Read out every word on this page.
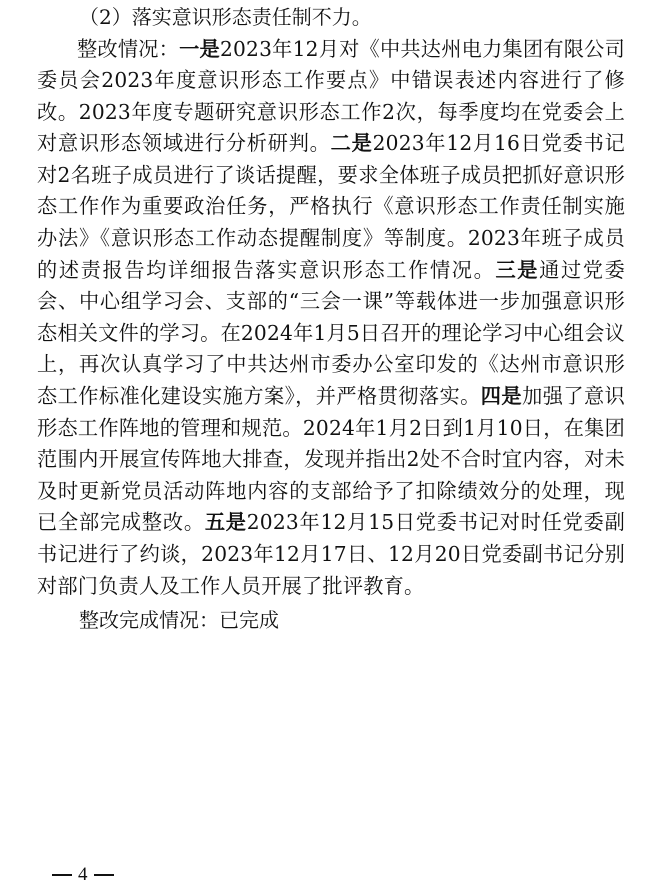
（2）落实意识形态责任制不力。

整改情况：一是2023年12月对《中共达州电力集团有限公司委员会2023年度意识形态工作要点》中错误表述内容进行了修改。2023年度专题研究意识形态工作2次，每季度均在党委会上对意识形态领域进行分析研判。二是2023年12月16日党委书记对2名班子成员进行了谈话提醒，要求全体班子成员把抓好意识形态工作作为重要政治任务，严格执行《意识形态工作责任制实施办法》《意识形态工作动态提醒制度》等制度。2023年班子成员的述责报告均详细报告落实意识形态工作情况。三是通过党委会、中心组学习会、支部的“三会一课”等载体进一步加强意识形态相关文件的学习。在2024年1月5日召开的理论学习中心组会议上，再次认真学习了中共达州市委办公室印发的《达州市意识形态工作标准化建设实施方案》，并严格贯彻落实。四是加强了意识形态工作阵地的管理和规范。2024年1月2日到1月10日，在集团范围内开展宣传阵地大排查，发现并指出2处不合时宜内容，对未及时更新党员活动阵地内容的支部给予了扣除绩效分的处理，现已全部完成整改。五是2023年12月15日党委书记对时任党委副书记进行了约谈，2023年12月17日、12月20日党委副书记分别对部门负责人及工作人员开展了批评教育。

整改完成情况：已完成
4
